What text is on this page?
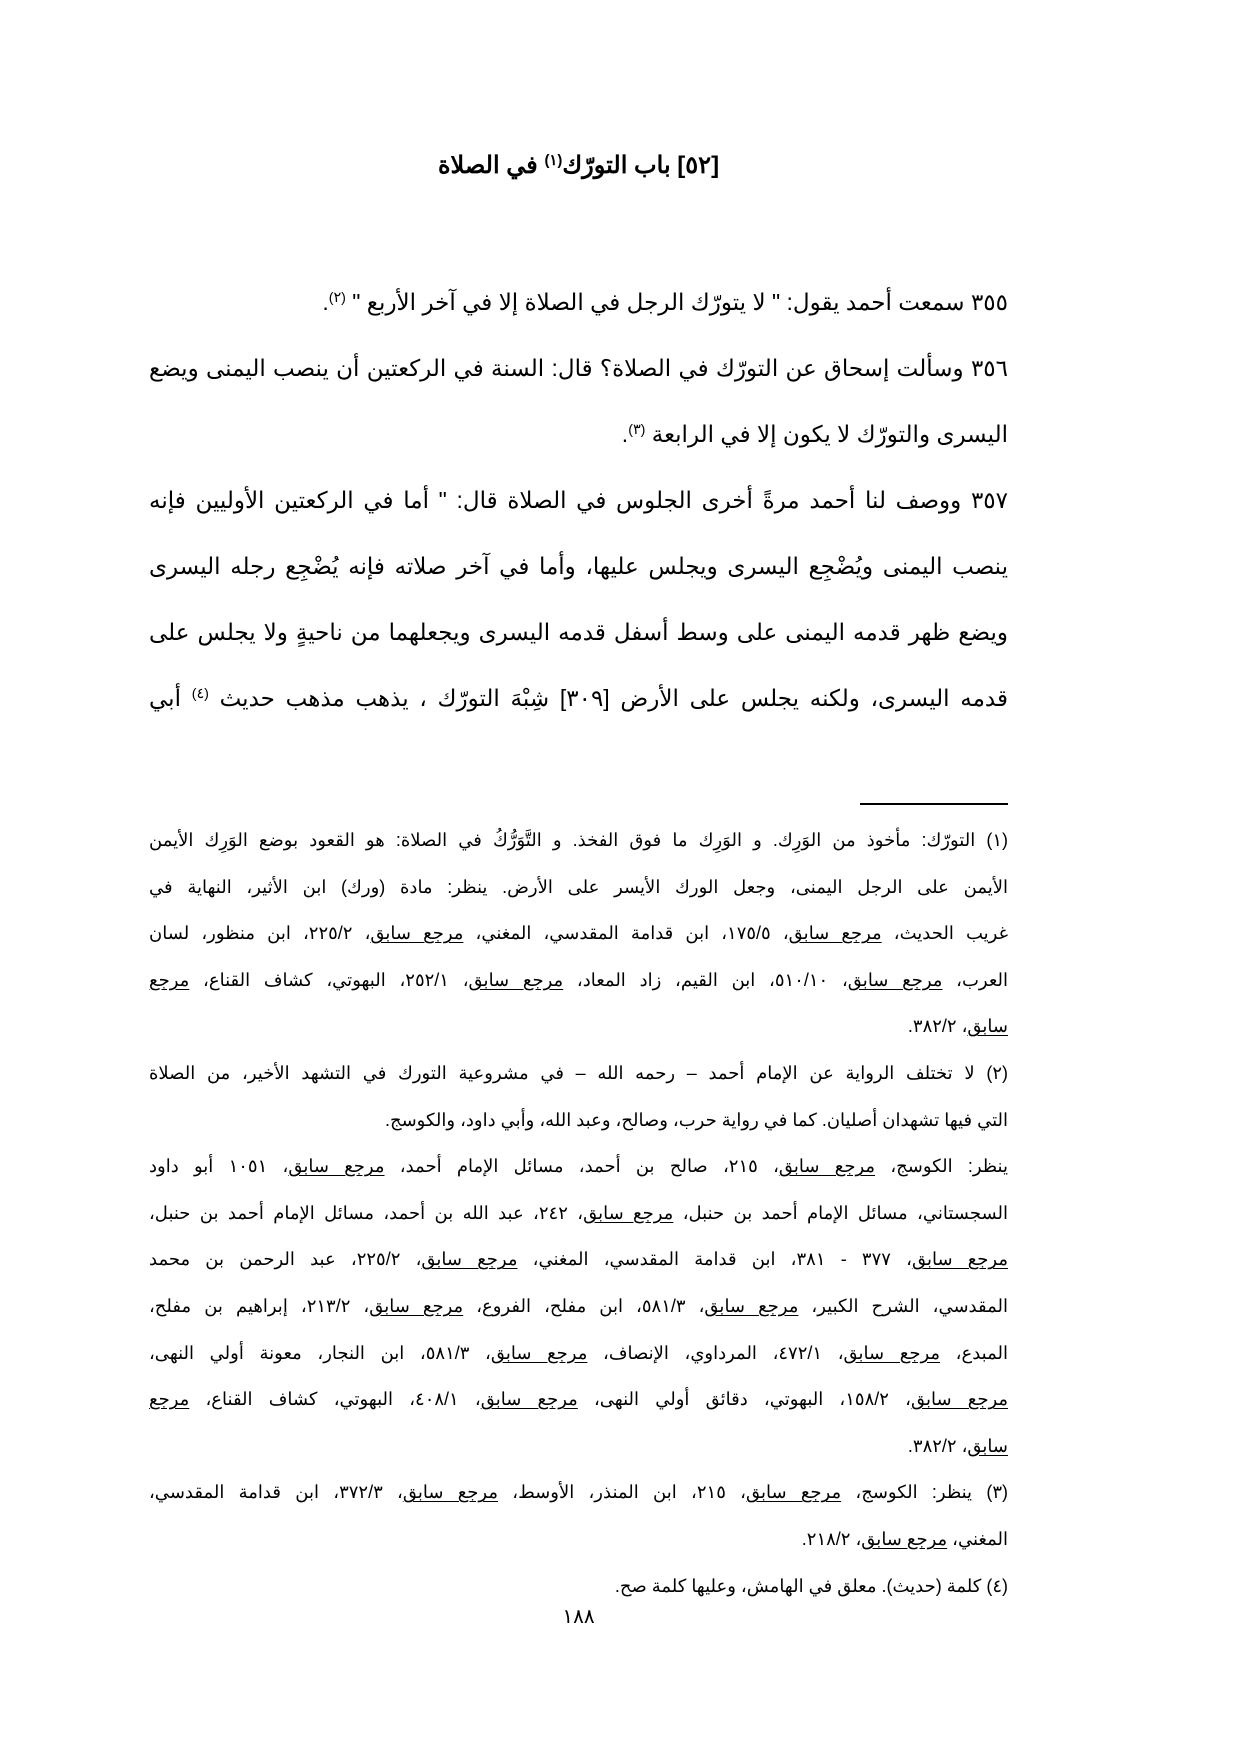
[٥٢] باب التورّك$^{(١)}$ في الصلاة
٣٥٥ سمعت أحمد يقول: " لا يتورّك الرجل في الصلاة إلا في آخر الأربع " $^{(٢)}$.
٣٥٦ وسألت إسحاق عن التورّك في الصلاة؟ قال: السنة في الركعتين أن ينصب اليمنى ويضع
اليسرى والتورّك لا يكون إلا في الرابعة $^{(٣)}$.
٣٥٧ ووصف لنا أحمد مرةً أخرى الجلوس في الصلاة قال: " أما في الركعتين الأوليين فإنه
ينصب اليمنى ويُضْجِع اليسرى ويجلس عليها، وأما في آخر صلاته فإنه يُضْجِع رجله اليسرى
ويضع ظهر قدمه اليمنى على وسط أسفل قدمه اليسرى ويجعلهما من ناحيةٍ ولا يجلس على
قدمه اليسرى، ولكنه يجلس على الأرض [٣٠٩] شِبْهَ التورّك ، يذهب مذهب حديث $^{(٤)}$ أبي
(١) التورّك: مأخوذ من الوَرِك. و الوَرِك ما فوق الفخذ. و التَّوَرُّكُ في الصلاة: هو القعود بوضع الوَرِك الأيمن
الأيمن على الرجل اليمنى، وجعل الورك الأيسر على الأرض. ينظر: مادة (ورك) ابن الأثير، النهاية في
غريب الحديث، مرجع سابق، ١٧٥/٥، ابن قدامة المقدسي، المغني، مرجع سابق، ٢٢٥/٢، ابن منظور، لسان
العرب، مرجع سابق، ٥١٠/١٠، ابن القيم، زاد المعاد، مرجع سابق، ٢٥٢/١، البهوتي، كشاف القناع، مرجع
سابق، ٣٨٢/٢.
(٢) لا تختلف الرواية عن الإمام أحمد – رحمه الله – في مشروعية التورك في التشهد الأخير، من الصلاة
التي فيها تشهدان أصليان. كما في رواية حرب، وصالح، وعبد الله، وأبي داود، والكوسج.
ينظر: الكوسج، مرجع سابق، ٢١٥، صالح بن أحمد، مسائل الإمام أحمد، مرجع سابق، ١٠٥١ أبو داود
السجستاني، مسائل الإمام أحمد بن حنبل، مرجع سابق، ٢٤٢، عبد الله بن أحمد، مسائل الإمام أحمد بن حنبل،
مرجع سابق، ٣٧٧ - ٣٨١، ابن قدامة المقدسي، المغني، مرجع سابق، ٢٢٥/٢، عبد الرحمن بن محمد
المقدسي، الشرح الكبير، مرجع سابق، ٥٨١/٣، ابن مفلح، الفروع، مرجع سابق، ٢١٣/٢، إبراهيم بن مفلح،
المبدع، مرجع سابق، ٤٧٢/١، المرداوي، الإنصاف، مرجع سابق، ٥٨١/٣، ابن النجار، معونة أولي النهى،
مرجع سابق، ١٥٨/٢، البهوتي، دقائق أولي النهى، مرجع سابق، ٤٠٨/١، البهوتي، كشاف القناع، مرجع
سابق، ٣٨٢/٢.
(٣) ينظر: الكوسج، مرجع سابق، ٢١٥، ابن المنذر، الأوسط، مرجع سابق، ٣٧٢/٣، ابن قدامة المقدسي،
المغني، مرجع سابق، ٢١٨/٢.
(٤) كلمة (حديث). معلق في الهامش، وعليها كلمة صح.
١٨٨
